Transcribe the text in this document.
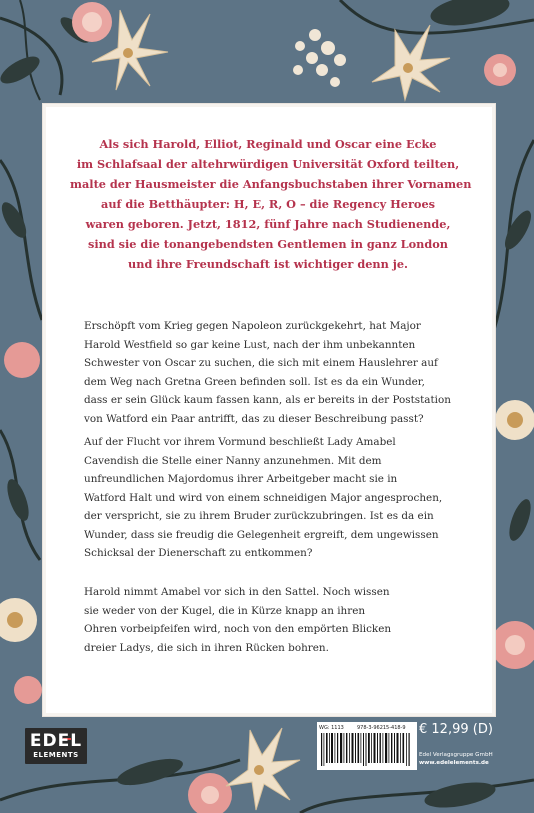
Als sich Harold, Elliot, Reginald und Oscar eine Ecke
im Schlafsaal der altehrwürdigen Universität Oxford teilten,
malte der Hausmeister die Anfangsbuchstaben ihrer Vornamen
auf die Betthäupter: H, E, R, O – die Regency Heroes
waren geboren. Jetzt, 1812, fünf Jahre nach Studienende,
sind sie die tonangebendsten Gentlemen in ganz London
und ihre Freundschaft ist wichtiger denn je.
Erschöpft vom Krieg gegen Napoleon zurückgekehrt, hat Major
Harold Westfield so gar keine Lust, nach der ihm unbekannten
Schwester von Oscar zu suchen, die sich mit einem Hauslehrer auf
dem Weg nach Gretna Green befinden soll. Ist es da ein Wunder,
dass er sein Glück kaum fassen kann, als er bereits in der Poststation
von Watford ein Paar antrifft, das zu dieser Beschreibung passt?
Auf der Flucht vor ihrem Vormund beschließt Lady Amabel
Cavendish die Stelle einer Nanny anzunehmen. Mit dem
unfreundlichen Majordomus ihrer Arbeitgeber macht sie in
Watford Halt und wird von einem schneidigen Major angesprochen,
der verspricht, sie zu ihrem Bruder zurückzubringen. Ist es da ein
Wunder, dass sie freudig die Gelegenheit ergreift, dem ungewissen
Schicksal der Dienerschaft zu entkommen?
Harold nimmt Amabel vor sich in den Sattel. Noch wissen
sie weder von der Kugel, die in Kürze knapp an ihren
Ohren vorbeipfeifen wird, noch von den empörten Blicken
dreier Ladys, die sich in ihren Rücken bohren.
EDEL
ELEMENTS
WG: 1113	978-3-96215-418-9 € 12,99 (D)
Edel Verlagsgruppe GmbH
www.edelelements.de
